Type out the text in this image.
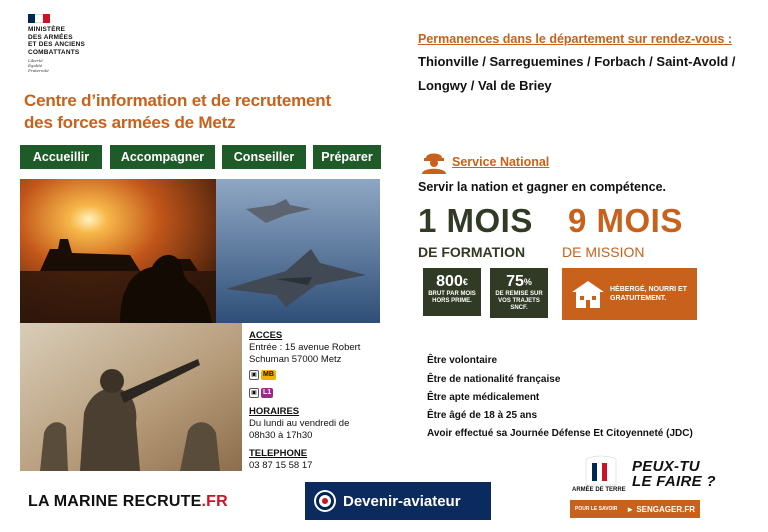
MINISTÈRE
DES ARMÉES
ET DES ANCIENS
COMBATTANTS
Liberté
Égalité
Fraternité
Centre d’information et de recrutement
des forces armées de Metz
Accueillir	Accompagner Conseiller Préparer
ACCES
Entrée : 15 avenue Robert Schuman 57000 Metz
▣ MB
▣ L1
HORAIRES
Du lundi au vendredi de 08h30 à 17h30
TELEPHONE
03 87 15 58 17
Permanences dans le département sur rendez-vous :
Thionville / Sarreguemines / Forbach / Saint-Avold / Longwy / Val de Briey
Service National
Servir la nation et gagner en compétence.
1 MOIS
DE FORMATION
9 MOIS
DE MISSION
800€
BRUT PAR MOIS HORS PRIME.
75%
DE REMISE SUR VOS TRAJETS SNCF.
HÉBERGÉ, NOURRI ET
GRATUITEMENT.
Être volontaire
Être de nationalité française
Être apte médicalement
Être âgé de 18 à 25 ans
Avoir effectué sa Journée Défense Et Citoyenneté (JDC)
LA MARINE RECRUTE.FR	Devenir-aviateur
ARMÉE DE TERRE
PEUX-TU
LE FAIRE ?
POUR LE SAVOIR ► SENGAGER.FR
